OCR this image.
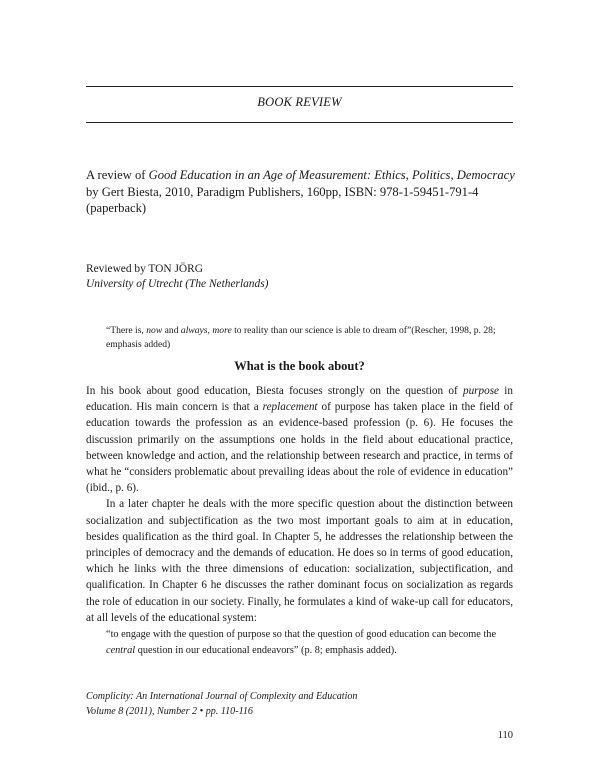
BOOK REVIEW
A review of Good Education in an Age of Measurement: Ethics, Politics, Democracy by Gert Biesta, 2010, Paradigm Publishers, 160pp, ISBN: 978-1-59451-791-4 (paperback)
Reviewed by TON JÖRG
University of Utrecht (The Netherlands)
“There is, now and always, more to reality than our science is able to dream of”(Rescher, 1998, p. 28; emphasis added)
What is the book about?

In his book about good education, Biesta focuses strongly on the question of purpose in education. His main concern is that a replacement of purpose has taken place in the field of education towards the profession as an evidence-based profession (p. 6). He focuses the discussion primarily on the assumptions one holds in the field about educational practice, between knowledge and action, and the relationship between research and practice, in terms of what he “considers problematic about prevailing ideas about the role of evidence in education” (ibid., p. 6).

In a later chapter he deals with the more specific question about the distinction between socialization and subjectification as the two most important goals to aim at in education, besides qualification as the third goal. In Chapter 5, he addresses the relationship between the principles of democracy and the demands of education. He does so in terms of good education, which he links with the three dimensions of education: socialization, subjectification, and qualification. In Chapter 6 he discusses the rather dominant focus on socialization as regards the role of education in our society. Finally, he formulates a kind of wake-up call for educators, at all levels of the educational system:

“to engage with the question of purpose so that the question of good education can become the central question in our educational endeavors” (p. 8; emphasis added).
Complicity: An International Journal of Complexity and Education
Volume 8 (2011), Number 2 • pp. 110-116
110
